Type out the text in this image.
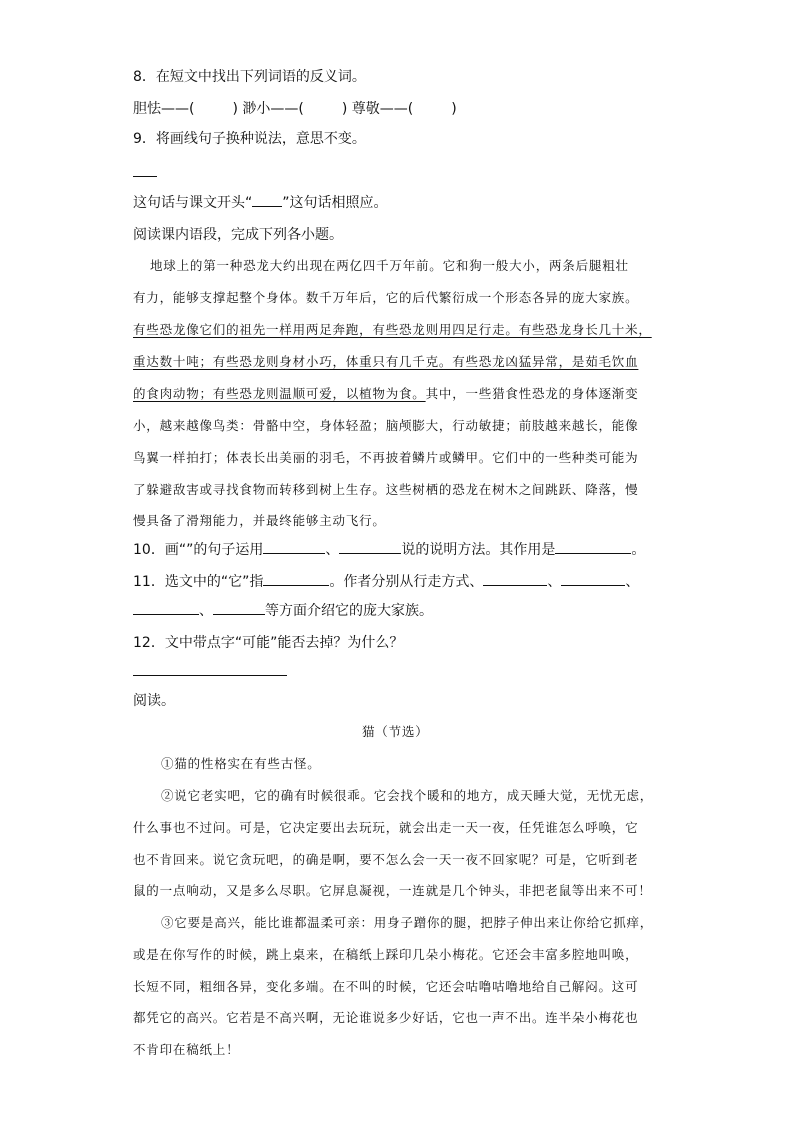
8．在短文中找出下列词语的反义词。
胆怯——(	) 渺小——(	) 尊敬——(	)
9．将画线句子换种说法，意思不变。
这句话与课文开头“ ”这句话相照应。
阅读课内语段，完成下列各小题。
地球上的第一种恐龙大约出现在两亿四千万年前。它和狗一般大小，两条后腿粗壮
有力，能够支撑起整个身体。数千万年后，它的后代繁衍成一个形态各异的庞大家族。
有些恐龙像它们的祖先一样用两足奔跑，有些恐龙则用四足行走。有些恐龙身长几十米，
重达数十吨；有些恐龙则身材小巧，体重只有几千克。有些恐龙凶猛异常，是茹毛饮血
的食肉动物；有些恐龙则温顺可爱，以植物为食。其中，一些猎食性恐龙的身体逐渐变
小，越来越像鸟类：骨骼中空，身体轻盈；脑颅膨大，行动敏捷；前肢越来越长，能像
鸟翼一样拍打；体表长出美丽的羽毛，不再披着鳞片或鳞甲。它们中的一些种类可能为
了躲避敌害或寻找食物而转移到树上生存。这些树栖的恐龙在树木之间跳跃、降落，慢
慢具备了滑翔能力，并最终能够主动飞行。
10．画“”的句子运用	、	说的说明方法。其作用是	。
11．选文中的“它”指	。作者分别从行走方式、	、	、
、	等方面介绍它的庞大家族。
12．文中带点字“可能”能否去掉？为什么？
阅读。
猫（节选）
①猫的性格实在有些古怪。
②说它老实吧，它的确有时候很乖。它会找个暖和的地方，成天睡大觉，无忧无虑，
什么事也不过问。可是，它决定要出去玩玩，就会出走一天一夜，任凭谁怎么呼唤，它
也不肯回来。说它贪玩吧，的确是啊，要不怎么会一天一夜不回家呢？可是，它听到老
鼠的一点响动，又是多么尽职。它屏息凝视，一连就是几个钟头，非把老鼠等出来不可！
③它要是高兴，能比谁都温柔可亲：用身子蹭你的腿，把脖子伸出来让你给它抓痒，
或是在你写作的时候，跳上桌来，在稿纸上踩印几朵小梅花。它还会丰富多腔地叫唤，
长短不同，粗细各异，变化多端。在不叫的时候，它还会咕噜咕噜地给自己解闷。这可
都凭它的高兴。它若是不高兴啊，无论谁说多少好话，它也一声不出。连半朵小梅花也
不肯印在稿纸上！
